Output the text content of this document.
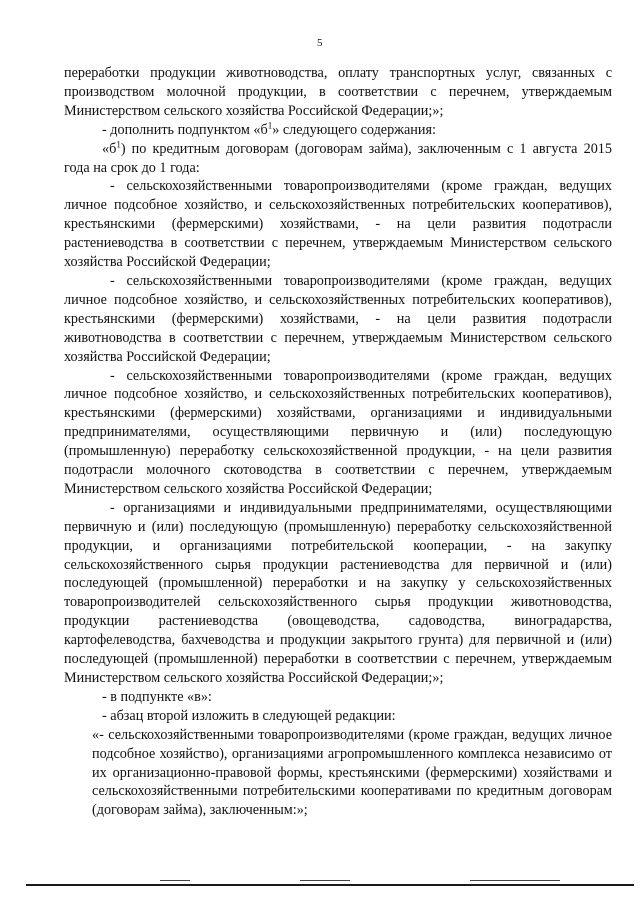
5

переработки продукции животноводства, оплату транспортных услуг, связанных с производством молочной продукции, в соответствии с перечнем, утверждаемым Министерством сельского хозяйства Российской Федерации;»;

- дополнить подпунктом «$б^1$» следующего содержания:

«$б^1$) по кредитным договорам (договорам займа), заключенным с 1 августа 2015 года на срок до 1 года:

- сельскохозяйственными товаропроизводителями (кроме граждан, ведущих личное подсобное хозяйство, и сельскохозяйственных потребительских кооперативов), крестьянскими (фермерскими) хозяйствами, - на цели развития подотрасли растениеводства в соответствии с перечнем, утверждаемым Министерством сельского хозяйства Российской Федерации;

- сельскохозяйственными товаропроизводителями (кроме граждан, ведущих личное подсобное хозяйство, и сельскохозяйственных потребительских кооперативов), крестьянскими (фермерскими) хозяйствами, - на цели развития подотрасли животноводства в соответствии с перечнем, утверждаемым Министерством сельского хозяйства Российской Федерации;

- сельскохозяйственными товаропроизводителями (кроме граждан, ведущих личное подсобное хозяйство, и сельскохозяйственных потребительских кооперативов), крестьянскими (фермерскими) хозяйствами, организациями и индивидуальными предпринимателями, осуществляющими первичную и (или) последующую (промышленную) переработку сельскохозяйственной продукции, - на цели развития подотрасли молочного скотоводства в соответствии с перечнем, утверждаемым Министерством сельского хозяйства Российской Федерации;

- организациями и индивидуальными предпринимателями, осуществляющими первичную и (или) последующую (промышленную) переработку сельскохозяйственной продукции, и организациями потребительской кооперации, - на закупку сельскохозяйственного сырья продукции растениеводства для первичной и (или) последующей (промышленной) переработки и на закупку у сельскохозяйственных товаропроизводителей сельскохозяйственного сырья продукции животноводства, продукции растениеводства (овощеводства, садоводства, виноградарства, картофелеводства, бахчеводства и продукции закрытого грунта) для первичной и (или) последующей (промышленной) переработки в соответствии с перечнем, утверждаемым Министерством сельского хозяйства Российской Федерации;»;

- в подпункте «в»:

- абзац второй изложить в следующей редакции:

«- сельскохозяйственными товаропроизводителями (кроме граждан, ведущих личное подсобное хозяйство), организациями агропромышленного комплекса независимо от их организационно-правовой формы, крестьянскими (фермерскими) хозяйствами и сельскохозяйственными потребительскими кооперативами по кредитным договорам (договорам займа), заключенным:»;
